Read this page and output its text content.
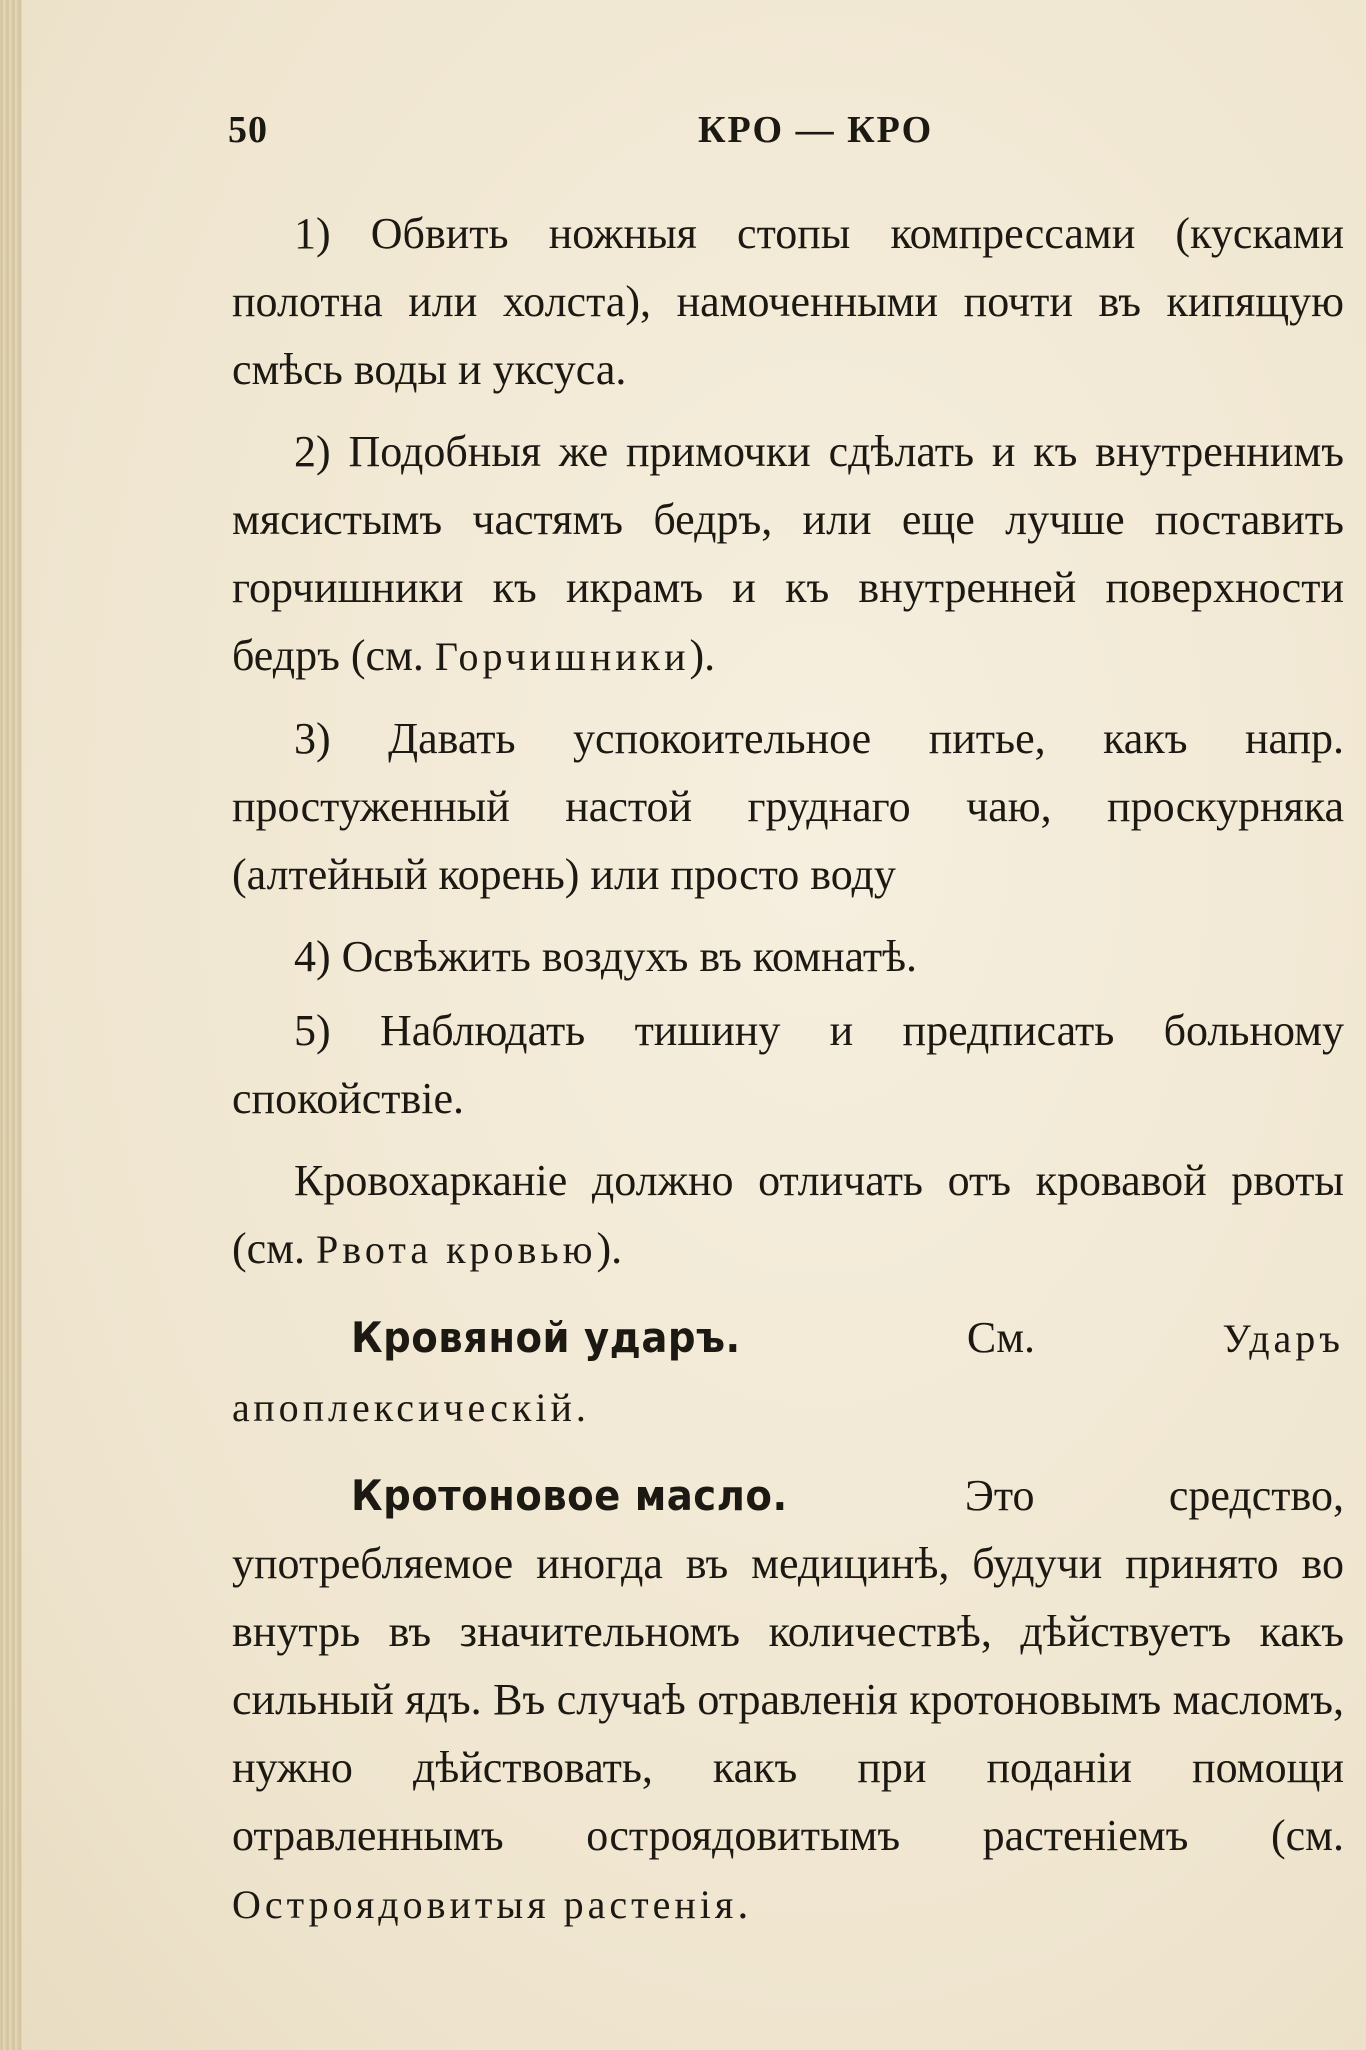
50	КРО — КРО

1) Обвить ножныя стопы компрессами (кусками полотна или холста), намоченными почти въ кипящую смѣсь воды и уксуса.

2) Подобныя же примочки сдѣлать и къ внутреннимъ мясистымъ частямъ бедръ, или еще лучше поставить горчишники къ икрамъ и къ внутренней поверхности бедръ (см. Горчишники).

3) Давать успокоительное питье, какъ напр. простуженный настой груднаго чаю, проскурняка (алтейный корень) или просто воду

4) Освѣжить воздухъ въ комнатѣ.

5) Наблюдать тишину и предписать больному спокойствіе.

Кровохарканіе должно отличать отъ кровавой рвоты (см. Рвота кровью).

Кровяной ударъ. См. Ударъ апоплексическій.

Кротоновое масло. Это средство, употребляемое иногда въ медицинѣ, будучи принято во внутрь въ значительномъ количествѣ, дѣйствуетъ какъ сильный ядъ. Въ случаѣ отравленія кротоновымъ масломъ, нужно дѣйствовать, какъ при поданіи помощи отравленнымъ остроядовитымъ растеніемъ (см. Остроядовитыя растенія.
